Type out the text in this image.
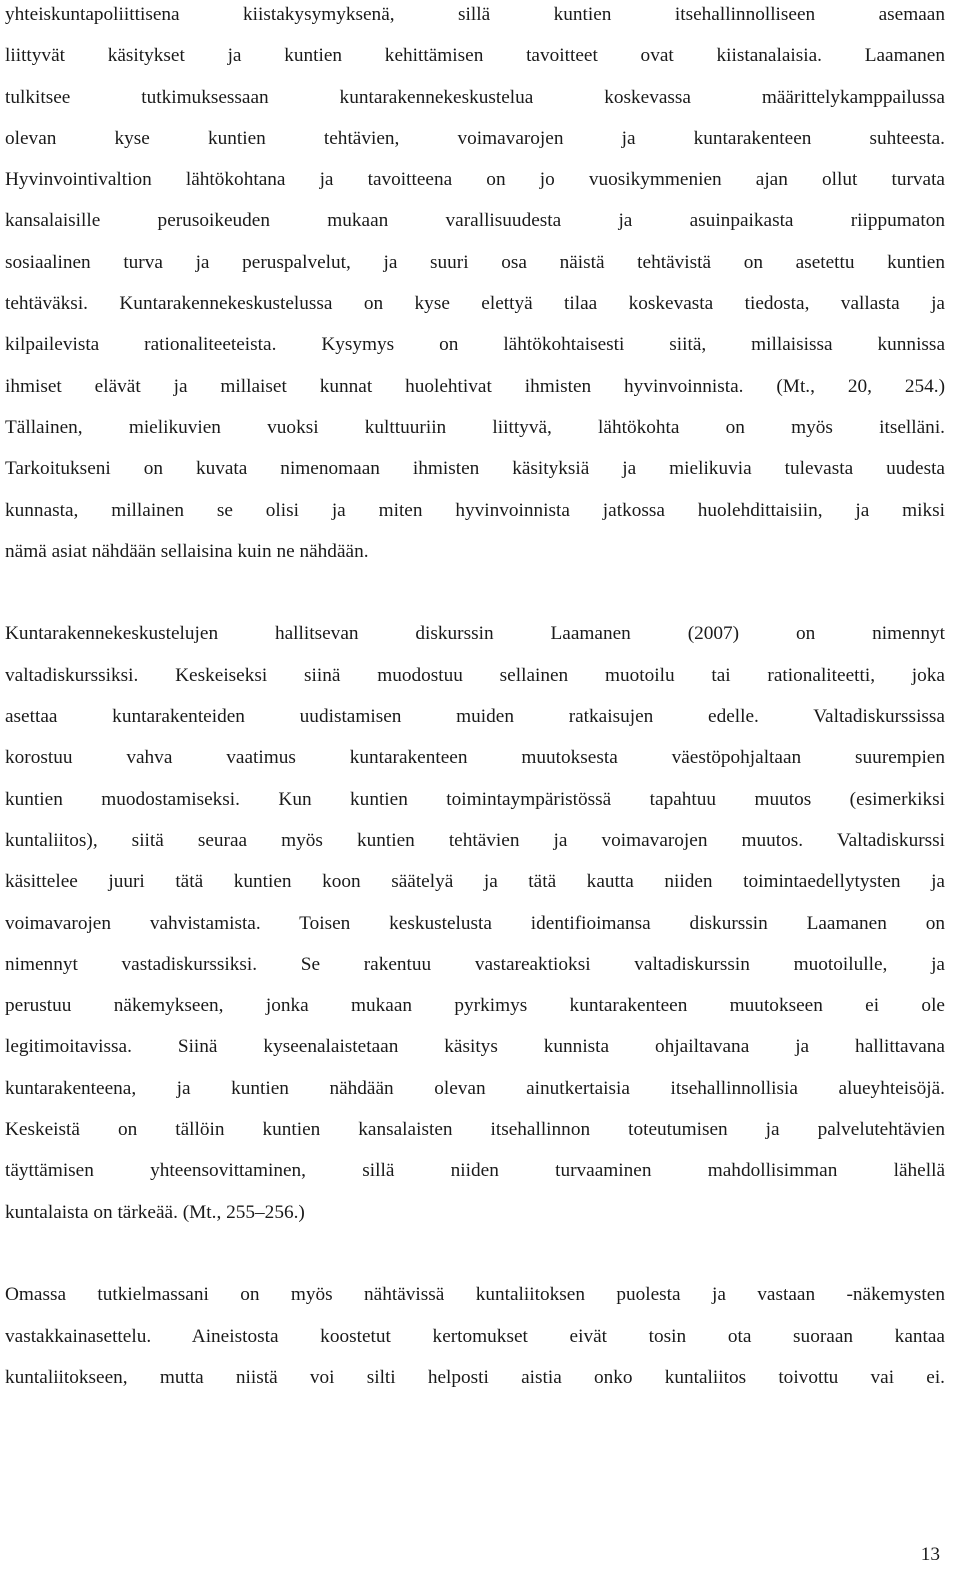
yhteiskuntapoliittisena kiistakysymyksenä, sillä kuntien itsehallinnolliseen asemaan
liittyvät käsitykset ja kuntien kehittämisen tavoitteet ovat kiistanalaisia. Laamanen
tulkitsee tutkimuksessaan kuntarakennekeskustelua koskevassa määrittelykamppailussa
olevan kyse kuntien tehtävien, voimavarojen ja kuntarakenteen suhteesta.
Hyvinvointivaltion lähtökohtana ja tavoitteena on jo vuosikymmenien ajan ollut turvata
kansalaisille perusoikeuden mukaan varallisuudesta ja asuinpaikasta riippumaton
sosiaalinen turva ja peruspalvelut, ja suuri osa näistä tehtävistä on asetettu kuntien
tehtäväksi. Kuntarakennekeskustelussa on kyse elettyä tilaa koskevasta tiedosta, vallasta ja
kilpailevista rationaliteeteista. Kysymys on lähtökohtaisesti siitä, millaisissa kunnissa
ihmiset elävät ja millaiset kunnat huolehtivat ihmisten hyvinvoinnista. (Mt., 20, 254.)
Tällainen, mielikuvien vuoksi kulttuuriin liittyvä, lähtökohta on myös itselläni.
Tarkoitukseni on kuvata nimenomaan ihmisten käsityksiä ja mielikuvia tulevasta uudesta
kunnasta, millainen se olisi ja miten hyvinvoinnista jatkossa huolehdittaisiin, ja miksi
nämä asiat nähdään sellaisina kuin ne nähdään.
Kuntarakennekeskustelujen hallitsevan diskurssin Laamanen (2007) on nimennyt
valtadiskurssiksi. Keskeiseksi siinä muodostuu sellainen muotoilu tai rationaliteetti, joka
asettaa kuntarakenteiden uudistamisen muiden ratkaisujen edelle. Valtadiskurssissa
korostuu vahva vaatimus kuntarakenteen muutoksesta väestöpohjaltaan suurempien
kuntien muodostamiseksi. Kun kuntien toimintaympäristössä tapahtuu muutos (esimerkiksi
kuntaliitos), siitä seuraa myös kuntien tehtävien ja voimavarojen muutos. Valtadiskurssi
käsittelee juuri tätä kuntien koon säätelyä ja tätä kautta niiden toimintaedellytysten ja
voimavarojen vahvistamista. Toisen keskustelusta identifioimansa diskurssin Laamanen on
nimennyt vastadiskurssiksi. Se rakentuu vastareaktioksi valtadiskurssin muotoilulle, ja
perustuu näkemykseen, jonka mukaan pyrkimys kuntarakenteen muutokseen ei ole
legitimoitavissa. Siinä kyseenalaistetaan käsitys kunnista ohjailtavana ja hallittavana
kuntarakenteena, ja kuntien nähdään olevan ainutkertaisia itsehallinnollisia alueyhteisöjä.
Keskeistä on tällöin kuntien kansalaisten itsehallinnon toteutumisen ja palvelutehtävien
täyttämisen yhteensovittaminen, sillä niiden turvaaminen mahdollisimman lähellä
kuntalaista on tärkeää. (Mt., 255–256.)
Omassa tutkielmassani on myös nähtävissä kuntaliitoksen puolesta ja vastaan -näkemysten
vastakkainasettelu. Aineistosta koostetut kertomukset eivät tosin ota suoraan kantaa
kuntaliitokseen, mutta niistä voi silti helposti aistia onko kuntaliitos toivottu vai ei.
13
